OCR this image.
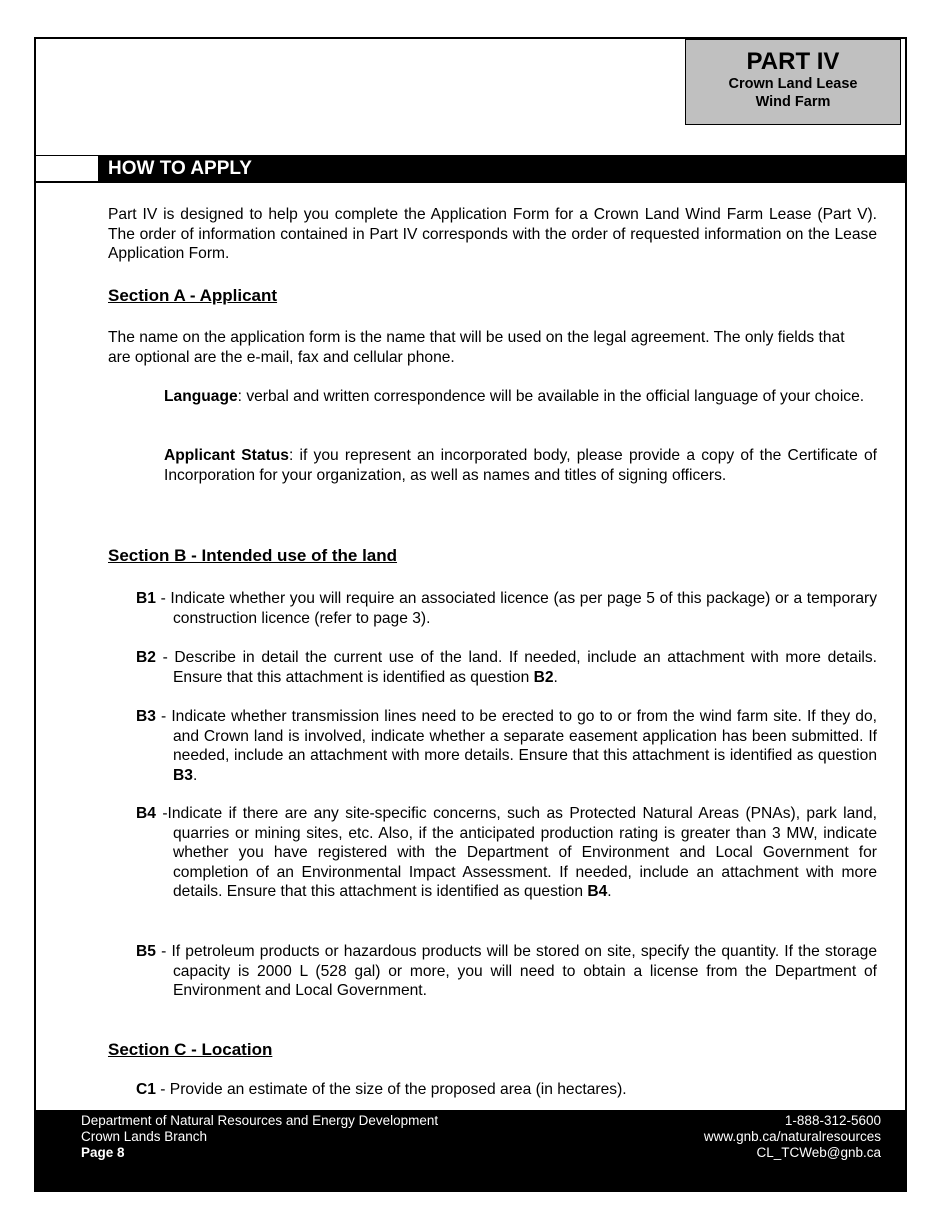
PART IV
Crown Land Lease
Wind Farm
HOW TO APPLY
Part IV is designed to help you complete the Application Form for a Crown Land Wind Farm Lease (Part V). The order of information contained in Part IV corresponds with the order of requested information on the Lease Application Form.
Section A - Applicant
The name on the application form is the name that will be used on the legal agreement. The only fields that are optional are the e-mail, fax and cellular phone.
Language: verbal and written correspondence will be available in the official language of your choice.
Applicant Status: if you represent an incorporated body, please provide a copy of the Certificate of Incorporation for your organization, as well as names and titles of signing officers.
Section B - Intended use of the land
B1 - Indicate whether you will require an associated licence (as per page 5 of this package) or a temporary construction licence (refer to page 3).
B2 - Describe in detail the current use of the land. If needed, include an attachment with more details. Ensure that this attachment is identified as question B2.
B3 - Indicate whether transmission lines need to be erected to go to or from the wind farm site. If they do, and Crown land is involved, indicate whether a separate easement application has been submitted. If needed, include an attachment with more details. Ensure that this attachment is identified as question B3.
B4 -Indicate if there are any site-specific concerns, such as Protected Natural Areas (PNAs), park land, quarries or mining sites, etc. Also, if the anticipated production rating is greater than 3 MW, indicate whether you have registered with the Department of Environment and Local Government for completion of an Environmental Impact Assessment. If needed, include an attachment with more details. Ensure that this attachment is identified as question B4.
B5 - If petroleum products or hazardous products will be stored on site, specify the quantity. If the storage capacity is 2000 L (528 gal) or more, you will need to obtain a license from the Department of Environment and Local Government.
Section C - Location
C1 - Provide an estimate of the size of the proposed area (in hectares).
Department of Natural Resources and Energy Development
Crown Lands Branch
Page 8
1-888-312-5600
www.gnb.ca/naturalresources
CL_TCWeb@gnb.ca
